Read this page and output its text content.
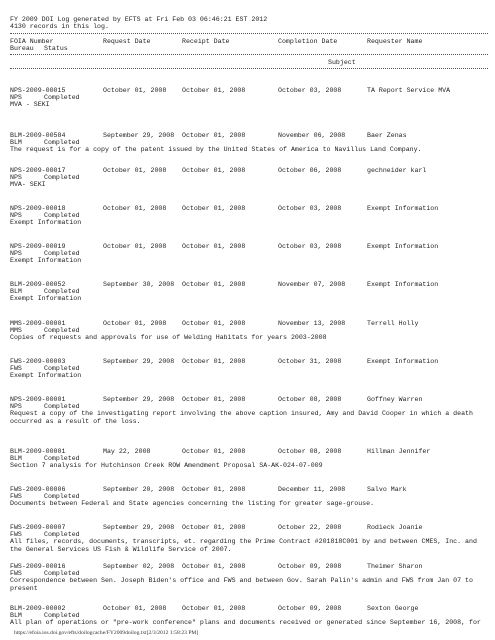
FY 2009 DOI Log generated by EFTS at Fri Feb 03 06:46:21 EST 2012
4130 records in this log.
FOIA Number	Request Date	Receipt Date	Completion Date	Requester Name
Bureau Status
Subject
NPS-2009-00015	October 01, 2008 October 01, 2008	October 03, 2008	TA Report Service MVA
NPS	Completed
MVA - SEKI
BLM-2009-00584	September 29, 2008 October 01, 2008	November 06, 2008	Baer Zenas
BLM	Completed
The request is for a copy of the patent issued by the United States of America to Navillus Land Company.
NPS-2009-00017	October 01, 2008 October 01, 2008	October 06, 2008	gechneider karl
NPS	Completed
MVA- SEKI
NPS-2009-00018	October 01, 2008 October 01, 2008	October 03, 2008	Exempt Information
NPS	Completed
Exempt Information
NPS-2009-00019	October 01, 2008 October 01, 2008	October 03, 2008	Exempt Information
NPS	Completed
Exempt Information
BLM-2009-00052	September 30, 2008 October 01, 2008	November 07, 2008	Exempt Information
BLM	Completed
Exempt Information
MMS-2009-00001	October 01, 2008 October 01, 2008	November 13, 2008	Terrell Holly
MMS	Completed
Copies of requests and approvals for use of Welding Habitats for years 2003-2008
FWS-2009-00003	September 29, 2008 October 01, 2008	October 31, 2008	Exempt Information
FWS	Completed
Exempt Information
NPS-2009-00001	September 29, 2008 October 01, 2008	October 08, 2008	Goffney Warren
NPS	Completed
Request a copy of the investigating report involving the above caption insured, Amy and David Cooper in which a death occurred as a result of the loss.
BLM-2009-00001	May 22, 2008	October 01, 2008	October 08, 2008	Hillman Jennifer
BLM	Completed
Section 7 analysis for Hutchinson Creek ROW Amendment Proposal SA-AK-024-07-009
FWS-2009-00006	September 20, 2008 October 01, 2008	December 11, 2008	Salvo Mark
FWS	Completed
Documents between Federal and State agencies concerning the listing for greater sage-grouse.
FWS-2009-00007	September 29, 2008 October 01, 2008	October 22, 2008	Rodieck Joanie
FWS	Completed
All files, records, documents, transcripts, et. regarding the Prime Contract #201818C001 by and between CMES, Inc. and the General Services US Fish & Wildlife Service of 2007.
FWS-2009-00016	September 02, 2008 October 01, 2008	October 09, 2008	Theimer Sharon
FWS	Completed
Correspondence between Sen. Joseph Biden's office and FWS and between Gov. Sarah Palin's admin and FWS from Jan 07 to present
BLM-2009-00002	October 01, 2008 October 01, 2008	October 09, 2008	Sexton George
BLM	Completed
All plan of operations or "pre-work conference" plans and documents received or generated since September 16, 2008, for
https://efoia.ios.doi.gov/efts/doilogcache/FY2009doilog.txt[2/3/2012 1:58:23 PM]
